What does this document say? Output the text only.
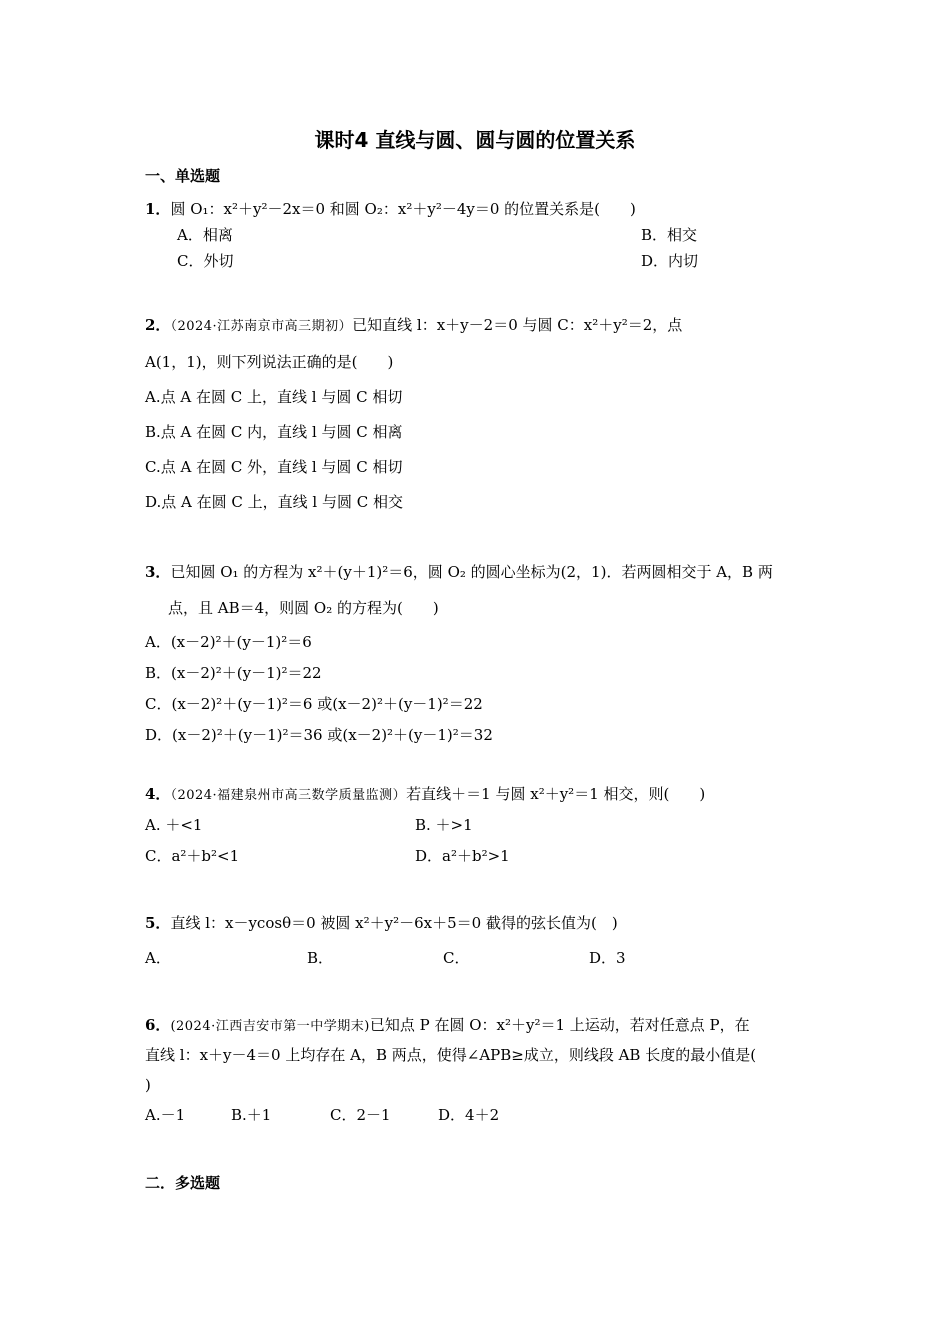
课时4 直线与圆、圆与圆的位置关系
一、单选题
1．圆 O₁：x²＋y²－2x＝0 和圆 O₂：x²＋y²－4y＝0 的位置关系是(　　)
A．相离	B．相交
C．外切	D．内切
2．（2024·江苏南京市高三期初）已知直线 l：x＋y－2＝0 与圆 C：x²＋y²＝2，点
A(1，1)，则下列说法正确的是(　　)
A.点 A 在圆 C 上，直线 l 与圆 C 相切
B.点 A 在圆 C 内，直线 l 与圆 C 相离
C.点 A 在圆 C 外，直线 l 与圆 C 相切
D.点 A 在圆 C 上，直线 l 与圆 C 相交
3．已知圆 O₁ 的方程为 x²＋(y＋1)²＝6，圆 O₂ 的圆心坐标为(2，1)．若两圆相交于 A，B 两
点，且 AB＝4，则圆 O₂ 的方程为(　　)
A．(x－2)²＋(y－1)²＝6
B．(x－2)²＋(y－1)²＝22
C．(x－2)²＋(y－1)²＝6 或(x－2)²＋(y－1)²＝22
D．(x－2)²＋(y－1)²＝36 或(x－2)²＋(y－1)²＝32
4．（2024·福建泉州市高三数学质量监测）若直线＋＝1 与圆 x²＋y²＝1 相交，则(　　)
A. ＋<1	B. ＋>1
C．a²＋b²<1	D．a²＋b²>1
5．直线 l：x－ycosθ＝0 被圆 x²＋y²－6x＋5＝0 截得的弦长值为(　)
A．	B．	C．	D．3
6．(2024·江西吉安市第一中学期末)已知点 P 在圆 O：x²＋y²＝1 上运动，若对任意点 P，在
直线 l：x＋y－4＝0 上均存在 A，B 两点，使得∠APB≥成立，则线段 AB 长度的最小值是(
)
A.－1	B.＋1	C．2－1	D．4＋2
二．多选题
